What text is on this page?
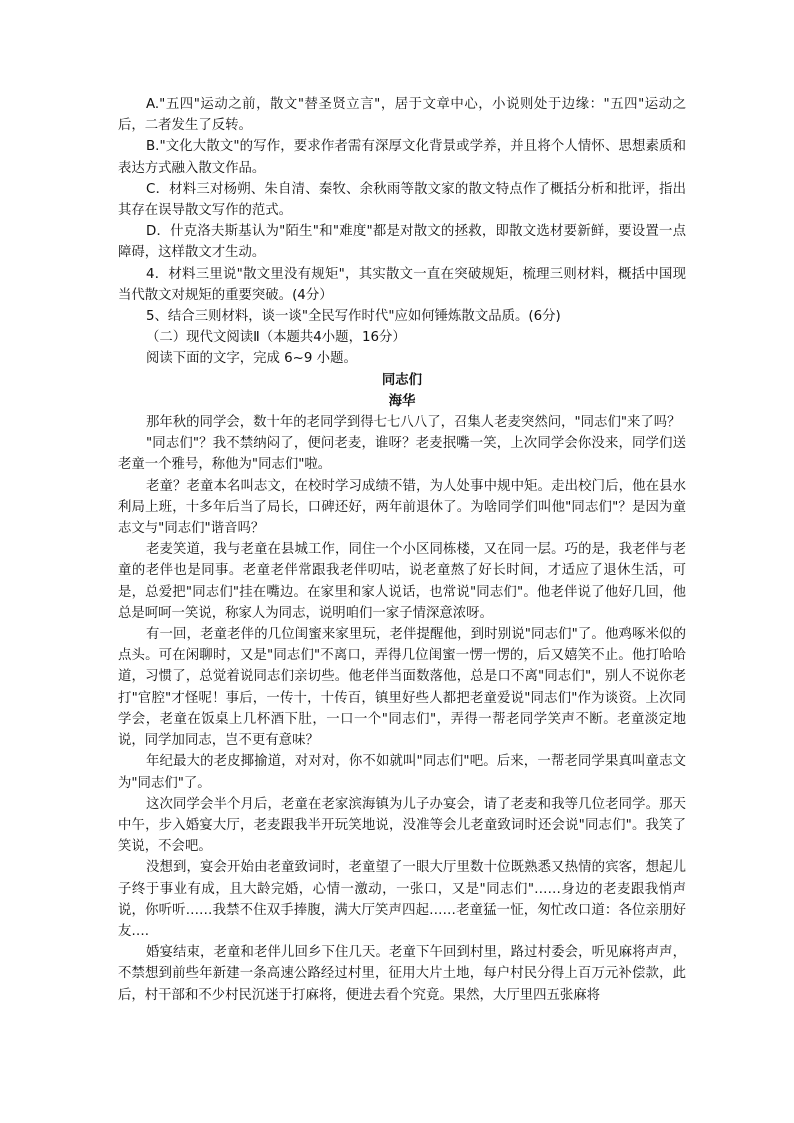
A."五四"运动之前，散文"替圣贤立言"，居于文章中心，小说则处于边缘："五四"运动之后，二者发生了反转。

B."文化大散文"的写作，要求作者需有深厚文化背景或学养，并且将个人情怀、思想素质和表达方式融入散文作品。

C．材料三对杨朔、朱自清、秦牧、余秋雨等散文家的散文特点作了概括分析和批评，指出其存在误导散文写作的范式。

D．什克洛夫斯基认为"陌生"和"难度"都是对散文的拯救，即散文选材要新鲜，要设置一点障碍，这样散文才生动。

4．材料三里说"散文里没有规矩"，其实散文一直在突破规矩，梳理三则材料，概括中国现当代散文对规矩的重要突破。(4分）

5、结合三则材料，谈一谈"全民写作时代"应如何锤炼散文品质。(6分)

（二）现代文阅读Ⅱ（本题共4小题，16分）

阅读下面的文字，完成 6~9 小题。

同志们

海华

那年秋的同学会，数十年的老同学到得七七八八了，召集人老麦突然问，"同志们"来了吗？

"同志们"？我不禁纳闷了，便问老麦，谁呀？老麦抿嘴一笑，上次同学会你没来，同学们送老童一个雅号，称他为"同志们"啦。

老童？老童本名叫志文，在校时学习成绩不错，为人处事中规中矩。走出校门后，他在县水利局上班，十多年后当了局长，口碑还好，两年前退休了。为啥同学们叫他"同志们"？是因为童志文与"同志们"谐音吗？

老麦笑道，我与老童在县城工作，同住一个小区同栋楼，又在同一层。巧的是，我老伴与老童的老伴也是同事。老童老伴常跟我老伴叨咕，说老童熬了好长时间，才适应了退休生活，可是，总爱把"同志们"挂在嘴边。在家里和家人说话，也常说"同志们"。他老伴说了他好几回，他总是呵呵一笑说，称家人为同志，说明咱们一家子情深意浓呀。

有一回，老童老伴的几位闺蜜来家里玩，老伴提醒他，到时别说"同志们"了。他鸡啄米似的点头。可在闲聊时，又是"同志们"不离口，弄得几位闺蜜一愣一愣的，后又嬉笑不止。他打哈哈道，习惯了，总觉着说同志们亲切些。他老伴当面数落他，总是口不离"同志们"，别人不说你老打"官腔"才怪呢！事后，一传十，十传百，镇里好些人都把老童爱说"同志们"作为谈资。上次同学会，老童在饭桌上几杯酒下肚，一口一个"同志们"，弄得一帮老同学笑声不断。老童淡定地说，同学加同志，岂不更有意味？

年纪最大的老皮揶揄道，对对对，你不如就叫"同志们"吧。后来，一帮老同学果真叫童志文为"同志们"了。

这次同学会半个月后，老童在老家滨海镇为儿子办宴会，请了老麦和我等几位老同学。那天中午，步入婚宴大厅，老麦跟我半开玩笑地说，没准等会儿老童致词时还会说"同志们"。我笑了笑说，不会吧。

没想到，宴会开始由老童致词时，老童望了一眼大厅里数十位既熟悉又热情的宾客，想起儿子终于事业有成，且大龄完婚，心情一激动，一张口，又是"同志们"……身边的老麦跟我悄声说，你听听……我禁不住双手捧腹，满大厅笑声四起……老童猛一怔，匆忙改口道：各位亲朋好友….

婚宴结束，老童和老伴儿回乡下住几天。老童下午回到村里，路过村委会，听见麻将声声，不禁想到前些年新建一条高速公路经过村里，征用大片土地，每户村民分得上百万元补偿款，此后，村干部和不少村民沉迷于打麻将，便进去看个究竟。果然，大厅里四五张麻将
